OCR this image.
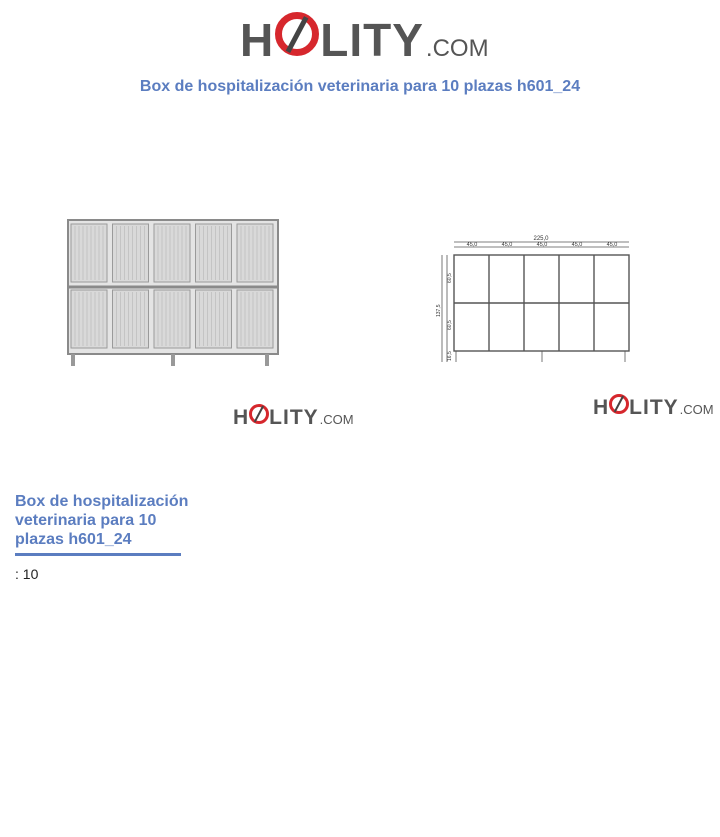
H LITY .COM
Box de hospitalización veterinaria para 10 plazas h601_24
225,0
45,0	45,0	45,0	45,0	45,0
60,5
60,5
16,5
137,5
H LITY .COM
H LITY .COM
Box de hospitalización veterinaria para 10 plazas h601_24
: 10
